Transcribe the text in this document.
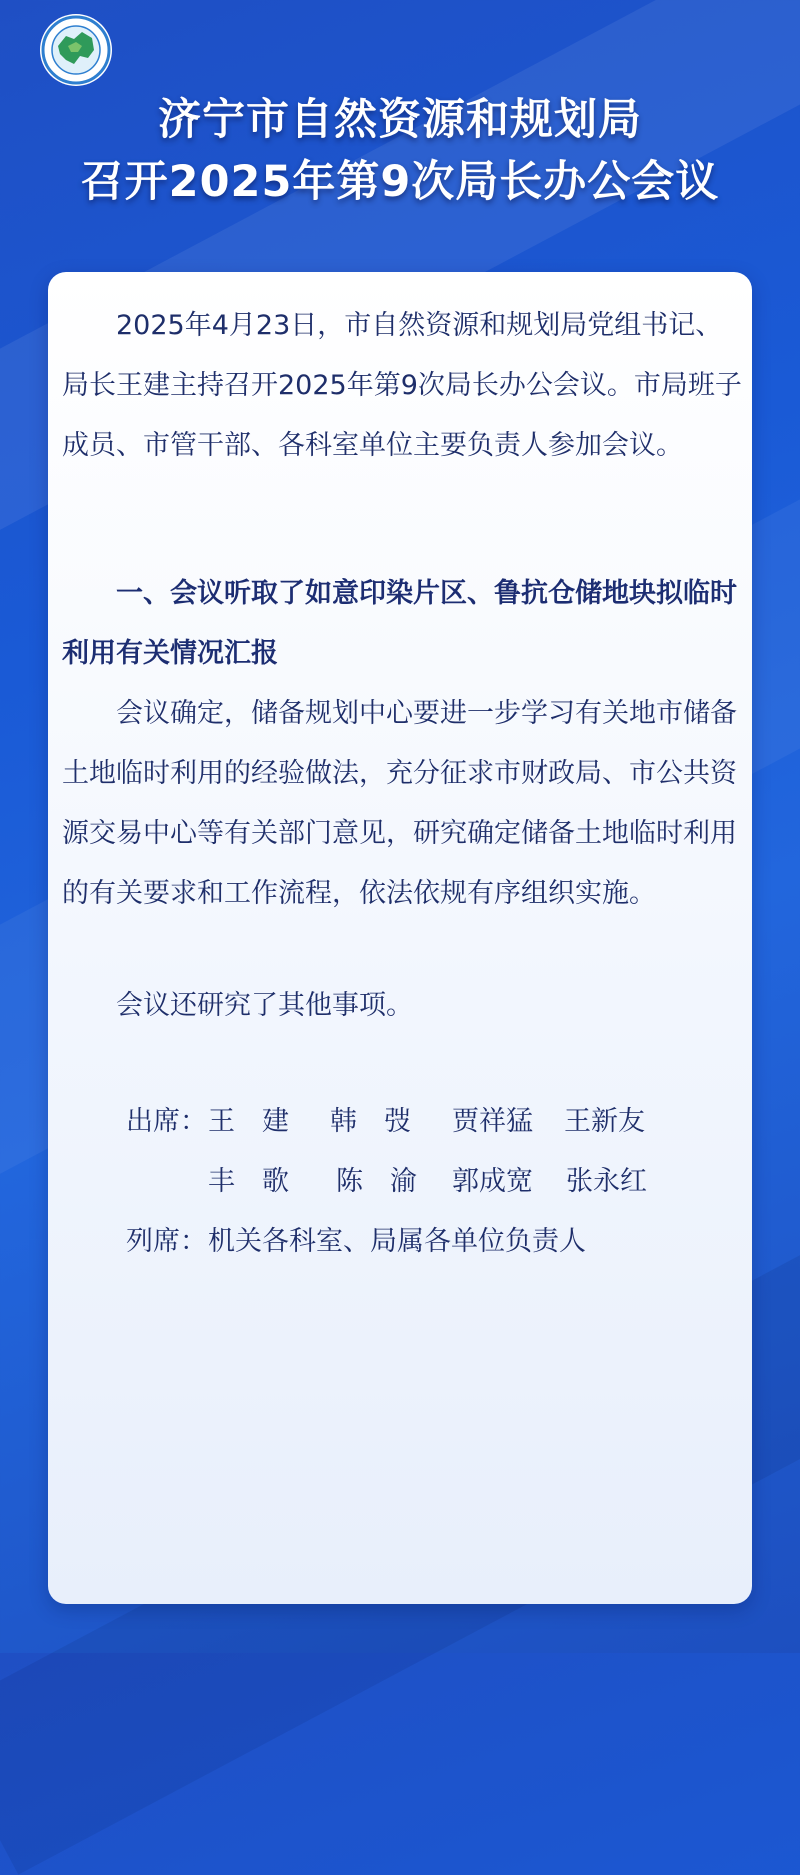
济宁市自然资源和规划局
召开2025年第9次局长办公会议

2025年4月23日，市自然资源和规划局党组书记、局长王建主持召开2025年第9次局长办公会议。市局班子成员、市管干部、各科室单位主要负责人参加会议。

一、会议听取了如意印染片区、鲁抗仓储地块拟临时利用有关情况汇报

会议确定，储备规划中心要进一步学习有关地市储备土地临时利用的经验做法，充分征求市财政局、市公共资源交易中心等有关部门意见，研究确定储备土地临时利用的有关要求和工作流程，依法依规有序组织实施。

会议还研究了其他事项。

出席： 王　建 韩　弢 贾祥猛 王新友
丰　歌 陈　渝 郭成宽 张永红
列席： 机关各科室、局属各单位负责人
